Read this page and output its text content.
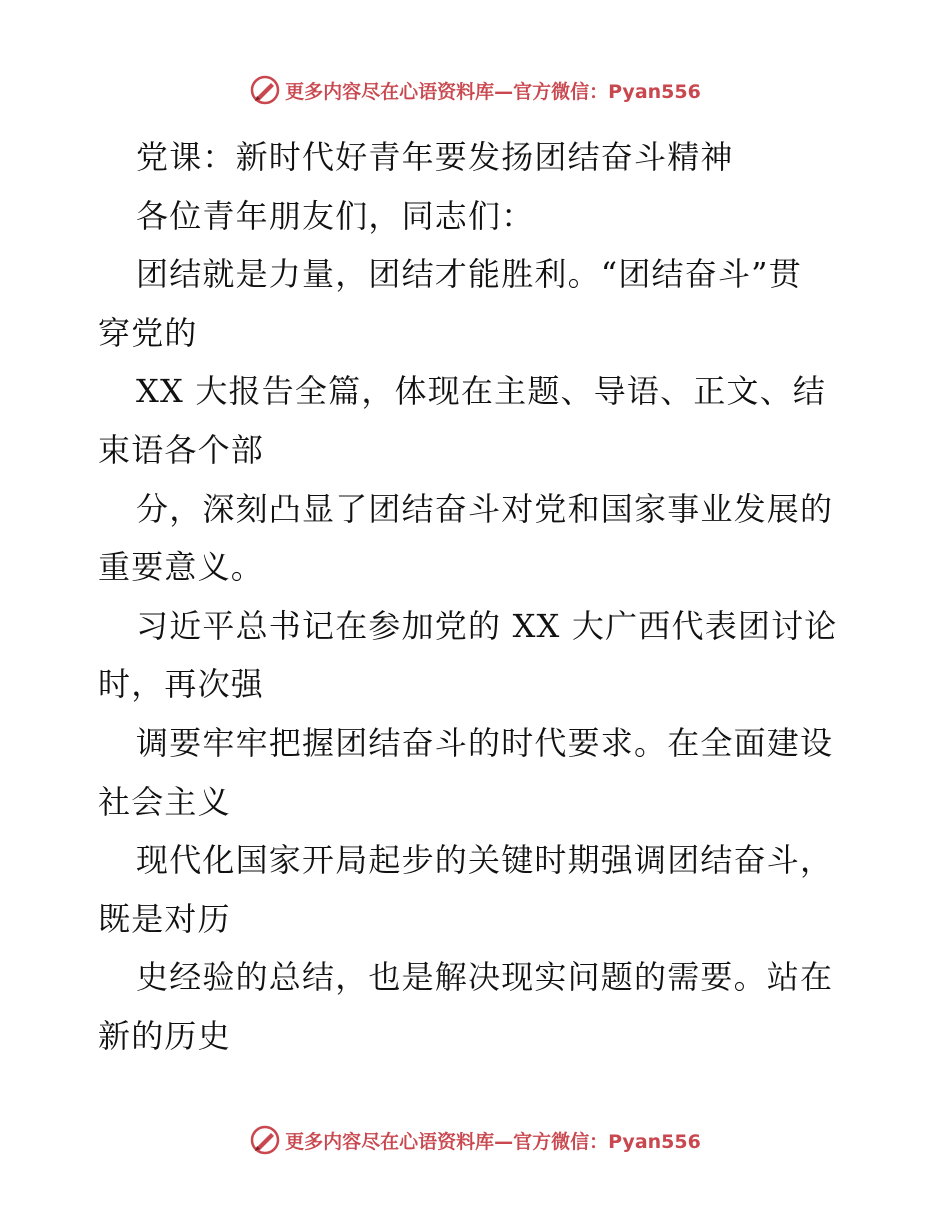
更多内容尽在心语资料库—官方微信：Pyan556
党课：新时代好青年要发扬团结奋斗精神
各位青年朋友们，同志们：
团结就是力量，团结才能胜利。“团结奋斗”贯
穿党的
XX 大报告全篇，体现在主题、导语、正文、结
束语各个部
分，深刻凸显了团结奋斗对党和国家事业发展的
重要意义。
习近平总书记在参加党的 XX 大广西代表团讨论
时，再次强
调要牢牢把握团结奋斗的时代要求。在全面建设
社会主义
现代化国家开局起步的关键时期强调团结奋斗，
既是对历
史经验的总结，也是解决现实问题的需要。站在
新的历史
更多内容尽在心语资料库—官方微信：Pyan556
